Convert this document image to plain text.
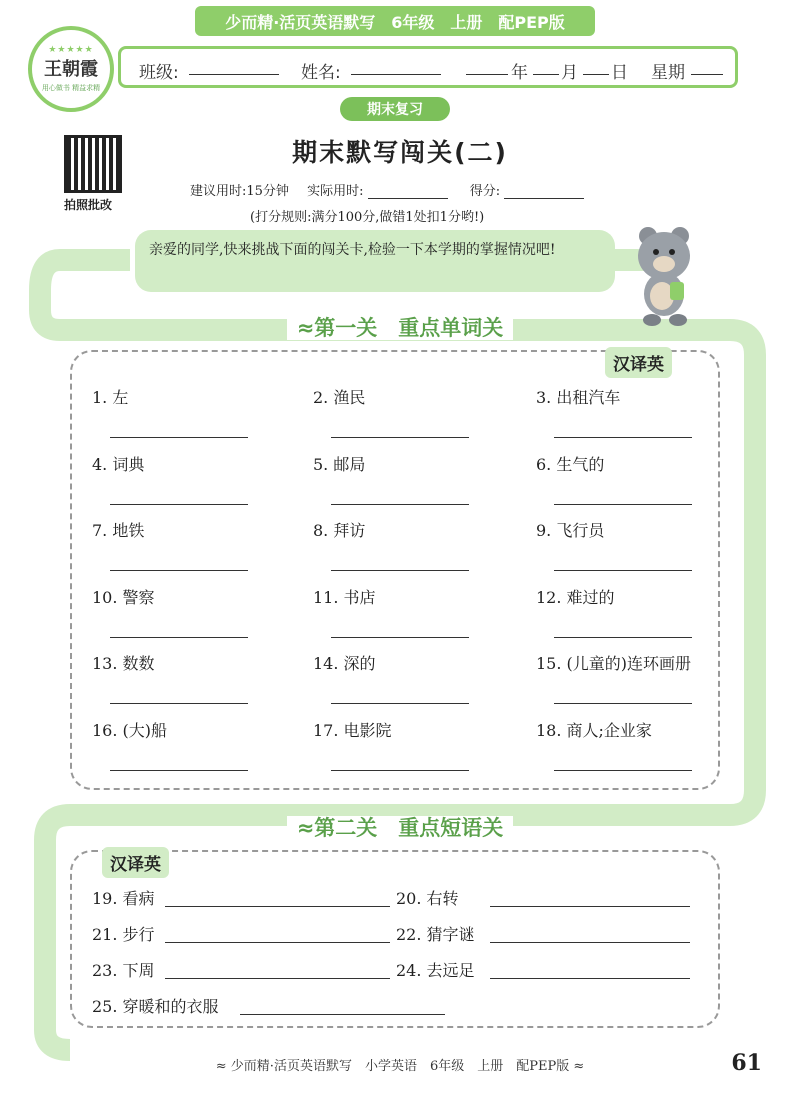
少而精·活页英语默写　6年级　上册　配PEP版
★★★★★
王朝霞
用心做书 精益求精
班级:	姓名:	年 月 日 星期
期末复习
拍照批改
期末默写闯关(二)
建议用时:15分钟 实际用时:	得分:
(打分规则:满分100分,做错1处扣1分哟!)
亲爱的同学,快来挑战下面的闯关卡,检验一下本学期的掌握情况吧!
≈第一关　重点单词关
汉译英
1. 左	2. 渔民	3. 出租汽车
4. 词典	5. 邮局	6. 生气的
7. 地铁	8. 拜访	9. 飞行员
10. 警察	11. 书店	12. 难过的
13. 数数	14. 深的	15. (儿童的)连环画册
16. (大)船	17. 电影院	18. 商人;企业家
≈第二关　重点短语关
汉译英
19. 看病	20. 右转
21. 步行	22. 猜字谜
23. 下周	24. 去远足
25. 穿暖和的衣服
≈ 少而精·活页英语默写　小学英语　6年级　上册　配PEP版 ≈	61
